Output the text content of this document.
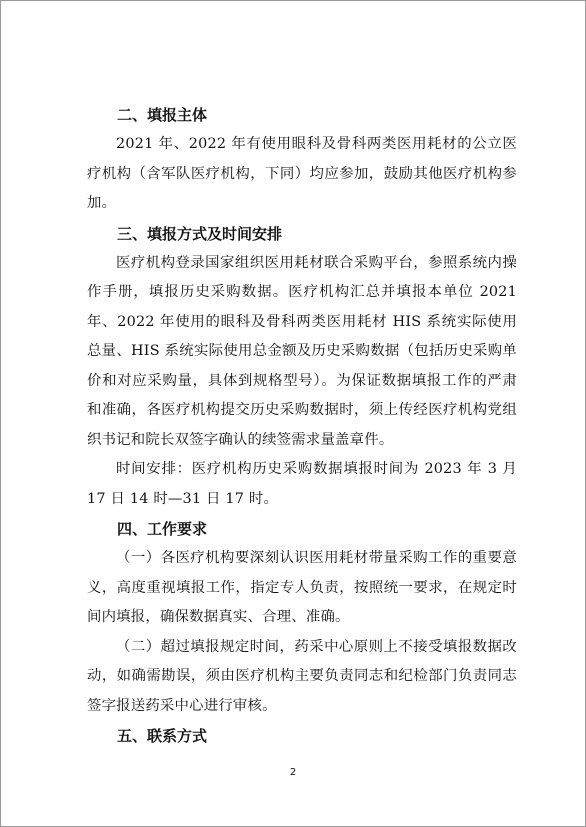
二、填报主体

2021 年、2022 年有使用眼科及骨科两类医用耗材的公立医疗机构（含军队医疗机构，下同）均应参加，鼓励其他医疗机构参加。

三、填报方式及时间安排

医疗机构登录国家组织医用耗材联合采购平台，参照系统内操作手册，填报历史采购数据。医疗机构汇总并填报本单位 2021 年、2022 年使用的眼科及骨科两类医用耗材 HIS 系统实际使用总量、HIS 系统实际使用总金额及历史采购数据（包括历史采购单价和对应采购量，具体到规格型号）。为保证数据填报工作的严肃和准确，各医疗机构提交历史采购数据时，须上传经医疗机构党组织书记和院长双签字确认的续签需求量盖章件。

时间安排：医疗机构历史采购数据填报时间为 2023 年 3 月 17 日 14 时—31 日 17 时。

四、工作要求

（一）各医疗机构要深刻认识医用耗材带量采购工作的重要意义，高度重视填报工作，指定专人负责，按照统一要求，在规定时间内填报，确保数据真实、合理、准确。

（二）超过填报规定时间，药采中心原则上不接受填报数据改动，如确需勘误，须由医疗机构主要负责同志和纪检部门负责同志签字报送药采中心进行审核。

五、联系方式
2
